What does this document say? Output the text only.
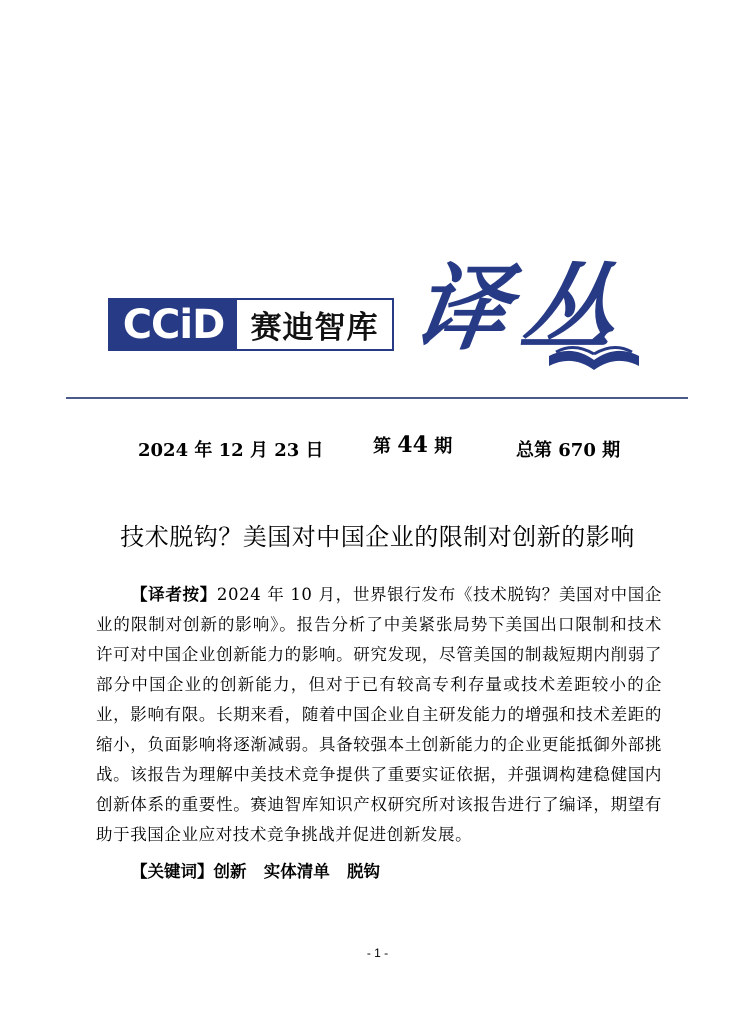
CCiD 赛迪智库 译丛
2024 年 12 月 23 日	第 44 期	总第 670 期
技术脱钩？美国对中国企业的限制对创新的影响

【译者按】2024 年 10 月，世界银行发布《技术脱钩？美国对中国企业的限制对创新的影响》。报告分析了中美紧张局势下美国出口限制和技术许可对中国企业创新能力的影响。研究发现，尽管美国的制裁短期内削弱了部分中国企业的创新能力，但对于已有较高专利存量或技术差距较小的企业，影响有限。长期来看，随着中国企业自主研发能力的增强和技术差距的缩小，负面影响将逐渐减弱。具备较强本土创新能力的企业更能抵御外部挑战。该报告为理解中美技术竞争提供了重要实证依据，并强调构建稳健国内创新体系的重要性。赛迪智库知识产权研究所对该报告进行了编译，期望有助于我国企业应对技术竞争挑战并促进创新发展。

【关键词】创新   实体清单   脱钩
- 1 -
